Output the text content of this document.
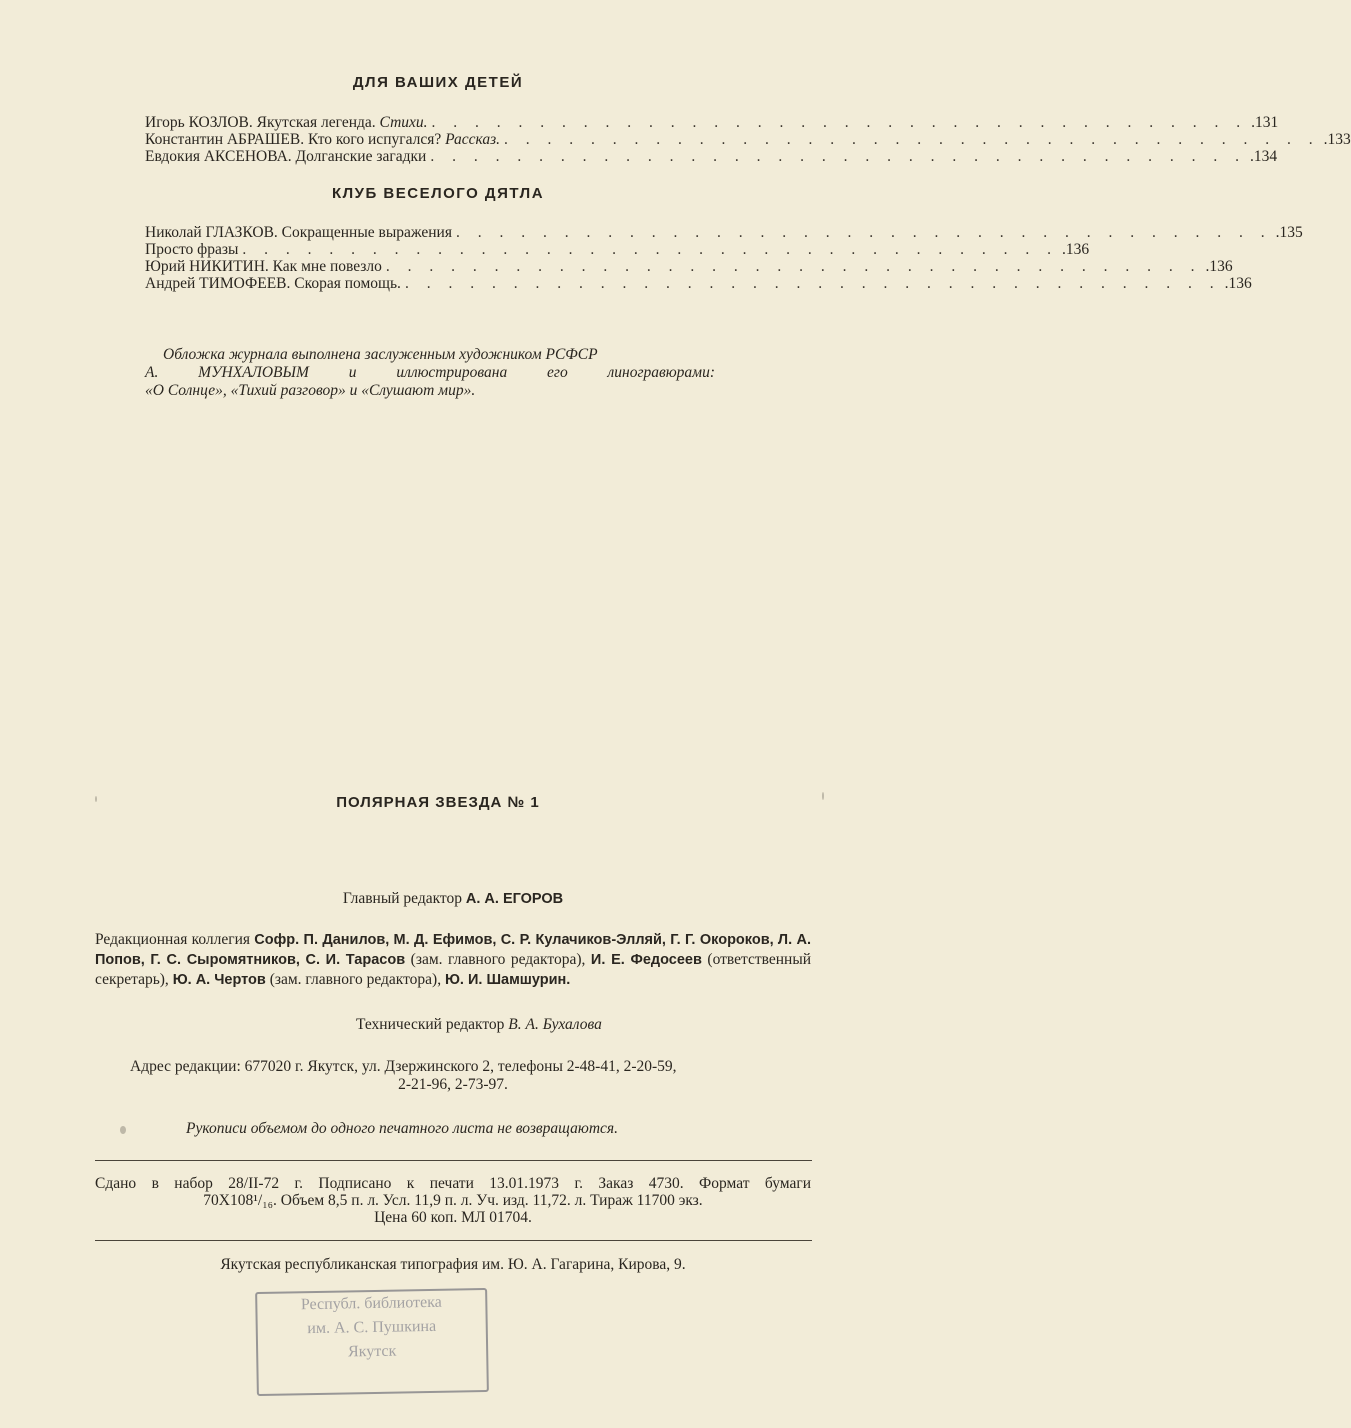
ДЛЯ ВАШИХ ДЕТЕЙ
Игорь КОЗЛОВ. Якутская легенда. Стихи. . . . . . . . . . . . . . . . . . . . . . . . . . . . . . . . . . . . . . . .131
Константин АБРАШЕВ. Кто кого испугался? Рассказ. . . . . . . . . . . . . . . . . . . . . . . . . . . . . . . . . . . . . . . .133
Евдокия АКСЕНОВА. Долганские загадки . . . . . . . . . . . . . . . . . . . . . . . . . . . . . . . . . . . . . . .134
КЛУБ ВЕСЕЛОГО ДЯТЛА
Николай ГЛАЗКОВ. Сокращенные выражения . . . . . . . . . . . . . . . . . . . . . . . . . . . . . . . . . . . . . . .135
Просто фразы . . . . . . . . . . . . . . . . . . . . . . . . . . . . . . . . . . . . . . .136
Юрий НИКИТИН. Как мне повезло . . . . . . . . . . . . . . . . . . . . . . . . . . . . . . . . . . . . . . .136
Андрей ТИМОФЕЕВ. Скорая помощь. . . . . . . . . . . . . . . . . . . . . . . . . . . . . . . . . . . . . . . .136
Обложка журнала выполнена заслуженным художником РСФСР
А. МУНХАЛОВЫМ и иллюстрирована его линогравюрами:
«О Солнце», «Тихий разговор» и «Слушают мир».
ПОЛЯРНАЯ ЗВЕЗДА № 1
Главный редактор А. А. ЕГОРОВ
Редакционная коллегия Софр. П. Данилов, М. Д. Ефимов, С. Р. Кулачиков-Элляй, Г. Г. Окороков, Л. А. Попов, Г. С. Сыромятников, С. И. Тарасов (зам. главного редактора), И. Е. Федосеев (ответственный секретарь), Ю. А. Чертов (зам. главного редактора), Ю. И. Шамшурин.
Технический редактор В. А. Бухалова
Адрес редакции: 677020 г. Якутск, ул. Дзержинского 2, телефоны 2-48-41, 2-20-59,
2-21-96, 2-73-97.
Рукописи объемом до одного печатного листа не возвращаются.
Сдано в набор 28/II-72 г. Подписано к печати 13.01.1973 г. Заказ 4730. Формат бумаги
70Х108¹/₁₆. Объем 8,5 п. л. Усл. 11,9 п. л. Уч. изд. 11,72. л. Тираж 11700 экз.
Цена 60 коп. МЛ 01704.
Якутская республиканская типография им. Ю. А. Гагарина, Кирова, 9.
Республ. библиотека
им. А. С. Пушкина
Якутск
